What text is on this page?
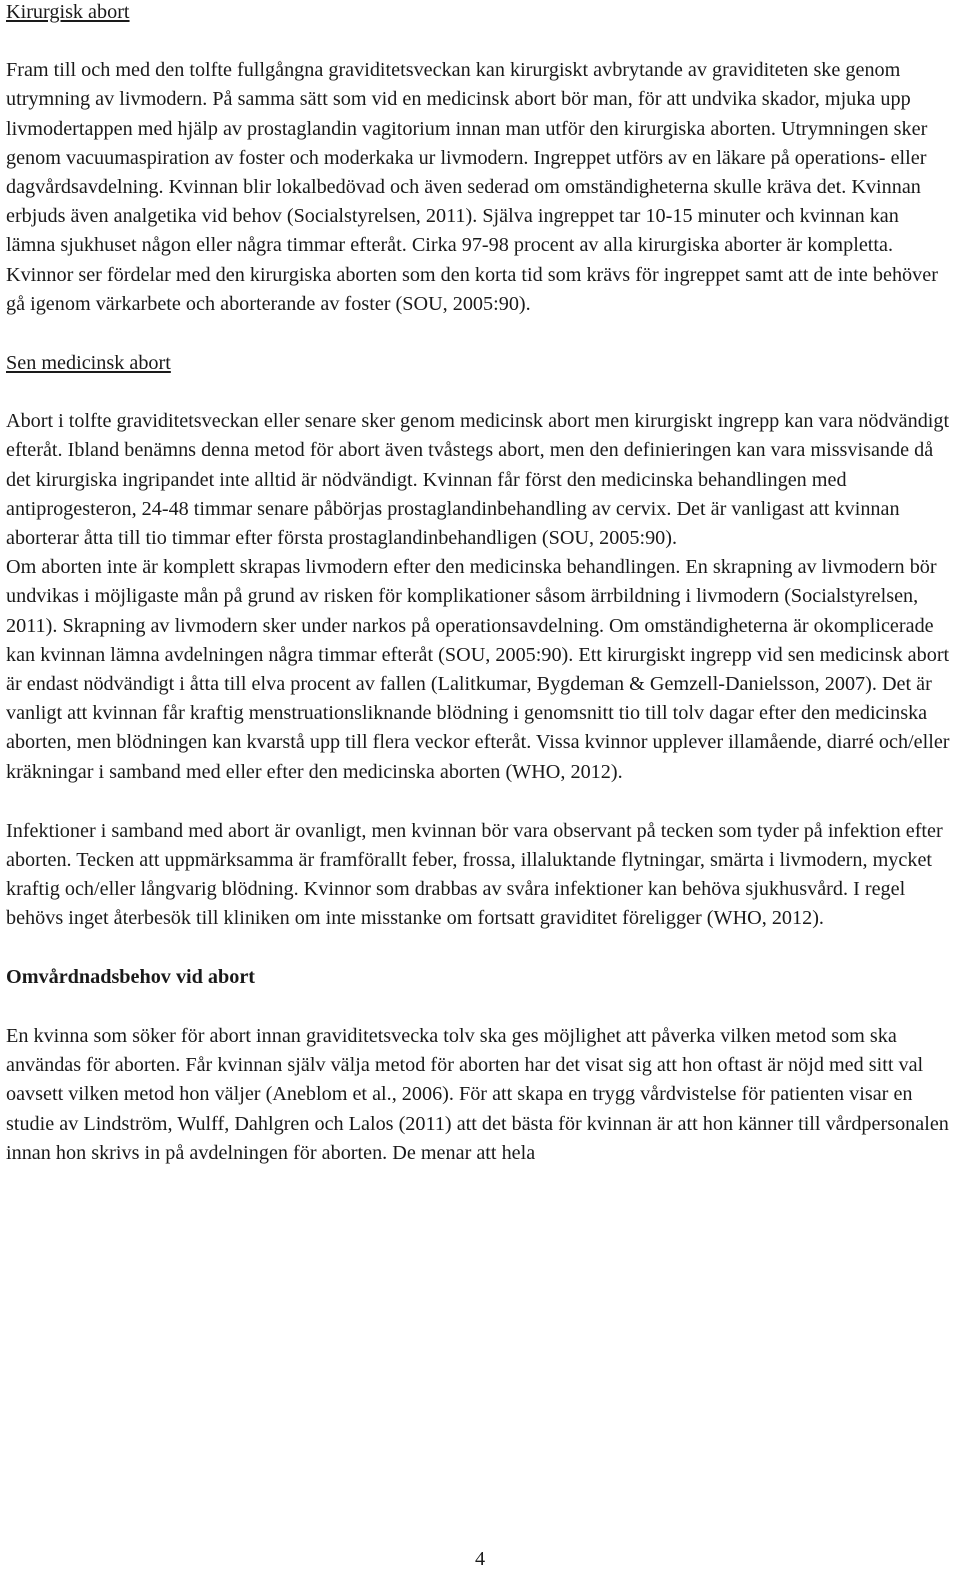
Kirurgisk abort

Fram till och med den tolfte fullgångna graviditetsveckan kan kirurgiskt avbrytande av graviditeten ske genom utrymning av livmodern. På samma sätt som vid en medicinsk abort bör man, för att undvika skador, mjuka upp livmodertappen med hjälp av prostaglandin vagitorium innan man utför den kirurgiska aborten. Utrymningen sker genom vacuumaspiration av foster och moderkaka ur livmodern. Ingreppet utförs av en läkare på operations- eller dagvårdsavdelning. Kvinnan blir lokalbedövad och även sederad om omständigheterna skulle kräva det. Kvinnan erbjuds även analgetika vid behov (Socialstyrelsen, 2011). Själva ingreppet tar 10-15 minuter och kvinnan kan lämna sjukhuset någon eller några timmar efteråt. Cirka 97-98 procent av alla kirurgiska aborter är kompletta. Kvinnor ser fördelar med den kirurgiska aborten som den korta tid som krävs för ingreppet samt att de inte behöver gå igenom värkarbete och aborterande av foster (SOU, 2005:90).

Sen medicinsk abort

Abort i tolfte graviditetsveckan eller senare sker genom medicinsk abort men kirurgiskt ingrepp kan vara nödvändigt efteråt. Ibland benämns denna metod för abort även tvåstegs abort, men den definieringen kan vara missvisande då det kirurgiska ingripandet inte alltid är nödvändigt. Kvinnan får först den medicinska behandlingen med antiprogesteron, 24-48 timmar senare påbörjas prostaglandinbehandling av cervix. Det är vanligast att kvinnan aborterar åtta till tio timmar efter första prostaglandinbehandligen (SOU, 2005:90).

Om aborten inte är komplett skrapas livmodern efter den medicinska behandlingen. En skrapning av livmodern bör undvikas i möjligaste mån på grund av risken för komplikationer såsom ärrbildning i livmodern (Socialstyrelsen, 2011). Skrapning av livmodern sker under narkos på operationsavdelning. Om omständigheterna är okomplicerade kan kvinnan lämna avdelningen några timmar efteråt (SOU, 2005:90). Ett kirurgiskt ingrepp vid sen medicinsk abort är endast nödvändigt i åtta till elva procent av fallen (Lalitkumar, Bygdeman & Gemzell-Danielsson, 2007). Det är vanligt att kvinnan får kraftig menstruationsliknande blödning i genomsnitt tio till tolv dagar efter den medicinska aborten, men blödningen kan kvarstå upp till flera veckor efteråt. Vissa kvinnor upplever illamående, diarré och/eller kräkningar i samband med eller efter den medicinska aborten (WHO, 2012).

Infektioner i samband med abort är ovanligt, men kvinnan bör vara observant på tecken som tyder på infektion efter aborten. Tecken att uppmärksamma är framförallt feber, frossa, illaluktande flytningar, smärta i livmodern, mycket kraftig och/eller långvarig blödning. Kvinnor som drabbas av svåra infektioner kan behöva sjukhusvård. I regel behövs inget återbesök till kliniken om inte misstanke om fortsatt graviditet föreligger (WHO, 2012).

Omvårdnadsbehov vid abort

En kvinna som söker för abort innan graviditetsvecka tolv ska ges möjlighet att påverka vilken metod som ska användas för aborten. Får kvinnan själv välja metod för aborten har det visat sig att hon oftast är nöjd med sitt val oavsett vilken metod hon väljer (Aneblom et al., 2006). För att skapa en trygg vårdvistelse för patienten visar en studie av Lindström, Wulff, Dahlgren och Lalos (2011) att det bästa för kvinnan är att hon känner till vårdpersonalen innan hon skrivs in på avdelningen för aborten. De menar att hela

4
